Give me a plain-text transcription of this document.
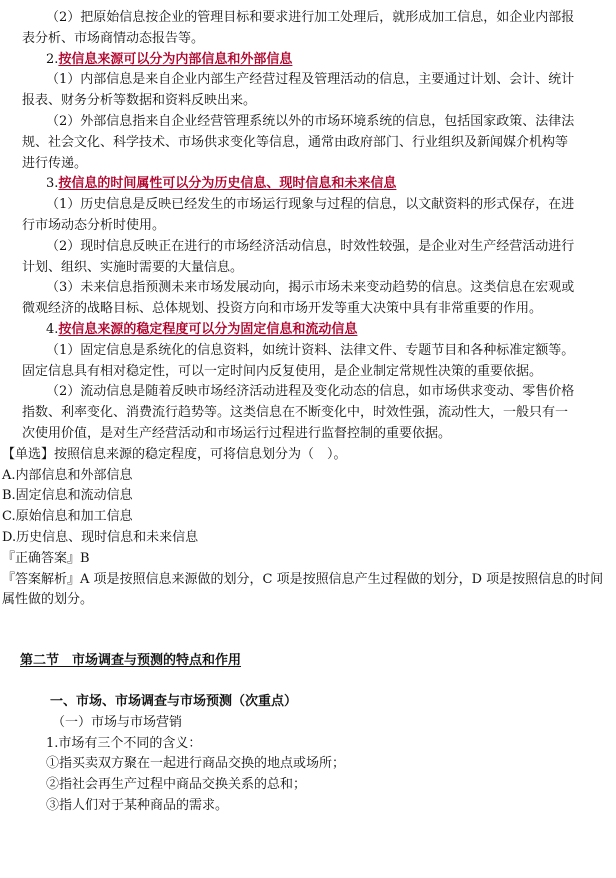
（2）把原始信息按企业的管理目标和要求进行加工处理后，就形成加工信息，如企业内部报表分析、市场商情动态报告等。

2.按信息来源可以分为内部信息和外部信息

（1）内部信息是来自企业内部生产经营过程及管理活动的信息，主要通过计划、会计、统计报表、财务分析等数据和资料反映出来。

（2）外部信息指来自企业经营管理系统以外的市场环境系统的信息，包括国家政策、法律法规、社会文化、科学技术、市场供求变化等信息，通常由政府部门、行业组织及新闻媒介机构等进行传递。

3.按信息的时间属性可以分为历史信息、现时信息和未来信息

（1）历史信息是反映已经发生的市场运行现象与过程的信息，以文献资料的形式保存，在进行市场动态分析时使用。

（2）现时信息反映正在进行的市场经济活动信息，时效性较强，是企业对生产经营活动进行计划、组织、实施时需要的大量信息。

（3）未来信息指预测未来市场发展动向，揭示市场未来变动趋势的信息。这类信息在宏观或微观经济的战略目标、总体规划、投资方向和市场开发等重大决策中具有非常重要的作用。

4.按信息来源的稳定程度可以分为固定信息和流动信息

（1）固定信息是系统化的信息资料，如统计资料、法律文件、专题节目和各种标准定额等。固定信息具有相对稳定性，可以一定时间内反复使用，是企业制定常规性决策的重要依据。

（2）流动信息是随着反映市场经济活动进程及变化动态的信息，如市场供求变动、零售价格指数、利率变化、消费流行趋势等。这类信息在不断变化中，时效性强，流动性大，一般只有一次使用价值，是对生产经营活动和市场运行过程进行监督控制的重要依据。

【单选】按照信息来源的稳定程度，可将信息划分为（　）。

A.内部信息和外部信息

B.固定信息和流动信息

C.原始信息和加工信息

D.历史信息、现时信息和未来信息

『正确答案』B

『答案解析』A 项是按照信息来源做的划分，C 项是按照信息产生过程做的划分，D 项是按照信息的时间属性做的划分。

第二节　市场调查与预测的特点和作用

一、市场、市场调查与市场预测（次重点）

（一）市场与市场营销

1.市场有三个不同的含义：

①指买卖双方聚在一起进行商品交换的地点或场所；

②指社会再生产过程中商品交换关系的总和；

③指人们对于某种商品的需求。
